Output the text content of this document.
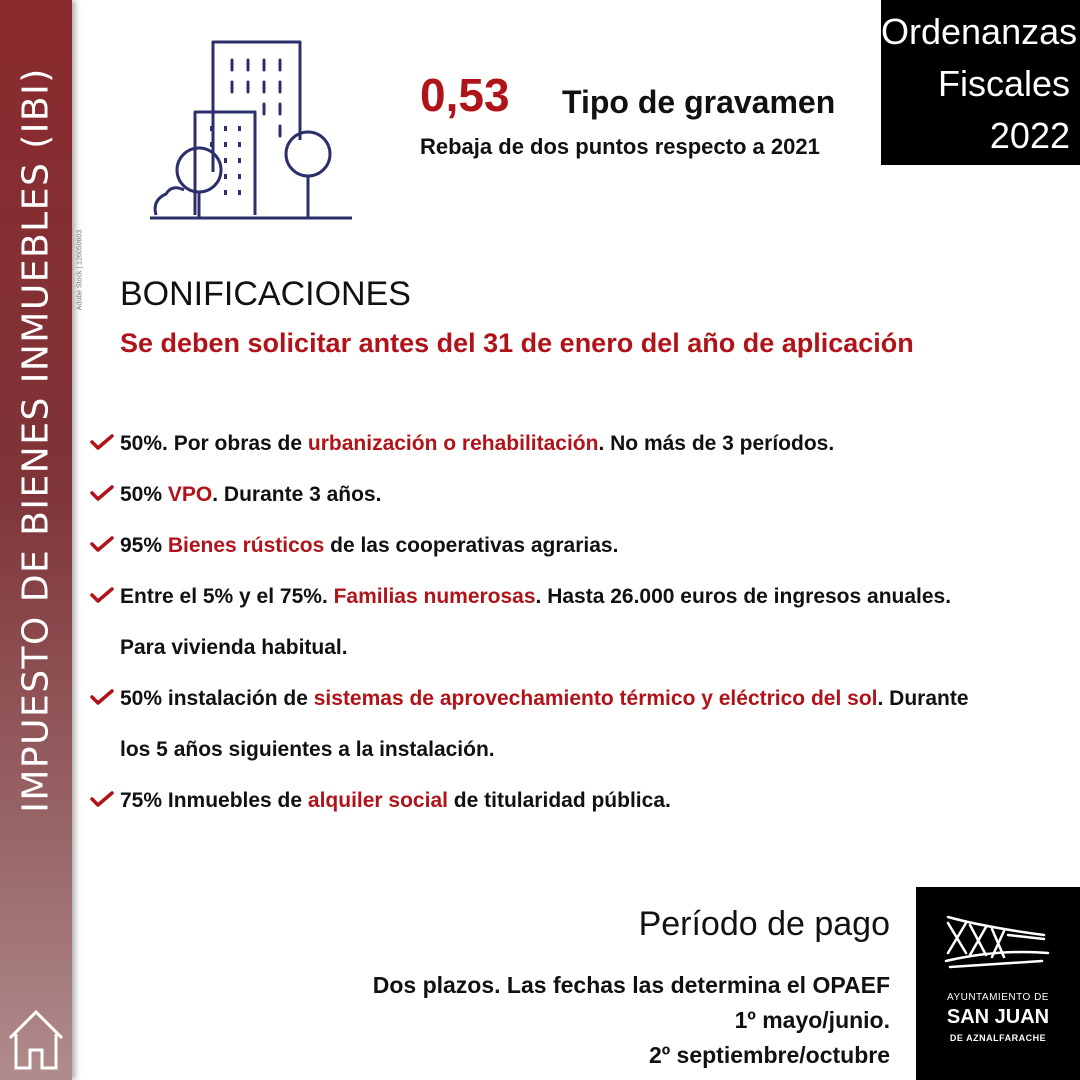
IMPUESTO DE BIENES INMUEBLES (IBI)	Adobe Stock | 126050603
Ordenanzas
Fiscales
2022
0,53 Tipo de gravamen
Rebaja de dos puntos respecto a 2021
BONIFICACIONES
Se deben solicitar antes del 31 de enero del año de aplicación
50%. Por obras de urbanización o rehabilitación. No más de 3 períodos.
50% VPO. Durante 3 años.
95% Bienes rústicos de las cooperativas agrarias.
Entre el 5% y el 75%. Familias numerosas. Hasta 26.000 euros de ingresos anuales.
Para vivienda habitual.
50% instalación de sistemas de aprovechamiento térmico y eléctrico del sol. Durante
los 5 años siguientes a la instalación.
75% Inmuebles de alquiler social de titularidad pública.
Período de pago
Dos plazos. Las fechas las determina el OPAEF
1º mayo/junio.
2º septiembre/octubre
AYUNTAMIENTO DE
SAN JUAN
DE AZNALFARACHE
